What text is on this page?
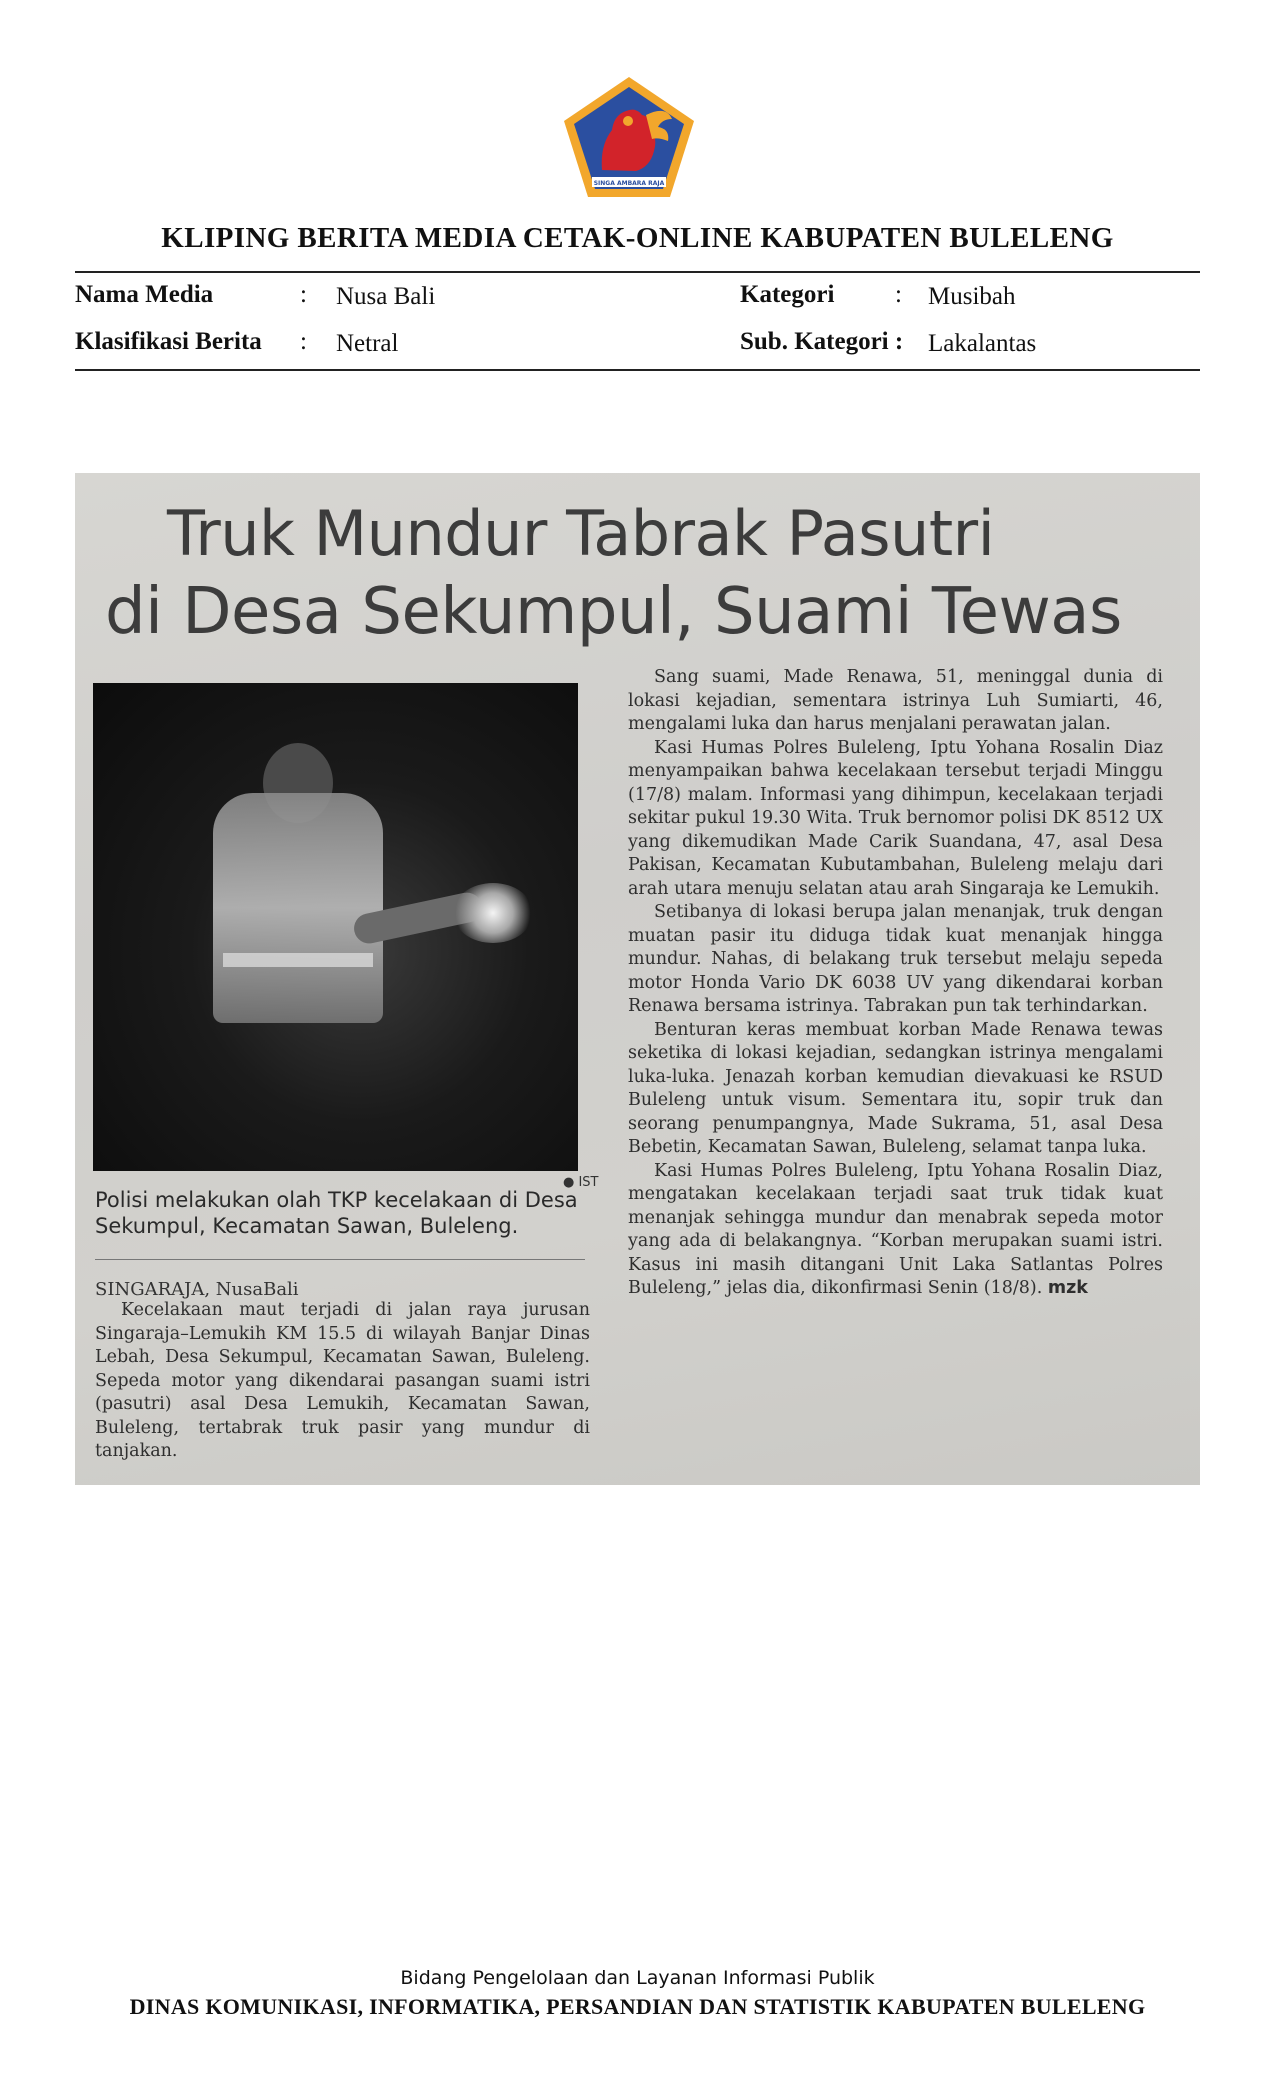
SINGA AMBARA RAJA
KLIPING BERITA MEDIA CETAK-ONLINE KABUPATEN BULELENG
Nama Media	: Nusa Bali
Klasifikasi Berita : Netral
Kategori : Musibah
Sub. Kategori : Lakalantas
Truk Mundur Tabrak Pasutri
di Desa Sekumpul, Suami Tewas
● IST
Polisi melakukan olah TKP kecelakaan di Desa Sekumpul, Kecamatan Sawan, Buleleng.
SINGARAJA, NusaBali

Kecelakaan maut terjadi di jalan raya jurusan Singaraja–Lemukih KM 15.5 di wilayah Banjar Dinas Lebah, Desa Sekumpul, Kecamatan Sawan, Buleleng. Sepeda motor yang dikendarai pasangan suami istri (pasutri) asal Desa Lemukih, Kecamatan Sawan, Buleleng, tertabrak truk pasir yang mundur di tanjakan.

Sang suami, Made Renawa, 51, meninggal dunia di lokasi kejadian, sementara istrinya Luh Sumiarti, 46, mengalami luka dan harus menjalani perawatan jalan.

Kasi Humas Polres Buleleng, Iptu Yohana Rosalin Diaz menyampaikan bahwa kecelakaan tersebut terjadi Minggu (17/8) malam. Informasi yang dihimpun, kecelakaan terjadi sekitar pukul 19.30 Wita. Truk bernomor polisi DK 8512 UX yang dikemudikan Made Carik Suandana, 47, asal Desa Pakisan, Kecamatan Kubutambahan, Buleleng melaju dari arah utara menuju selatan atau arah Singaraja ke Lemukih.

Setibanya di lokasi berupa jalan menanjak, truk dengan muatan pasir itu diduga tidak kuat menanjak hingga mundur. Nahas, di belakang truk tersebut melaju sepeda motor Honda Vario DK 6038 UV yang dikendarai korban Renawa bersama istrinya. Tabrakan pun tak terhindarkan.

Benturan keras membuat korban Made Renawa tewas seketika di lokasi kejadian, sedangkan istrinya mengalami luka-luka. Jenazah korban kemudian dievakuasi ke RSUD Buleleng untuk visum. Sementara itu, sopir truk dan seorang penumpangnya, Made Sukrama, 51, asal Desa Bebetin, Kecamatan Sawan, Buleleng, selamat tanpa luka.

Kasi Humas Polres Buleleng, Iptu Yohana Rosalin Diaz, mengatakan kecelakaan terjadi saat truk tidak kuat menanjak sehingga mundur dan menabrak sepeda motor yang ada di belakangnya. “Korban merupakan suami istri. Kasus ini masih ditangani Unit Laka Satlantas Polres Buleleng,” jelas dia, dikonfirmasi Senin (18/8). mzk

Bidang Pengelolaan dan Layanan Informasi Publik
DINAS KOMUNIKASI, INFORMATIKA, PERSANDIAN DAN STATISTIK KABUPATEN BULELENG
